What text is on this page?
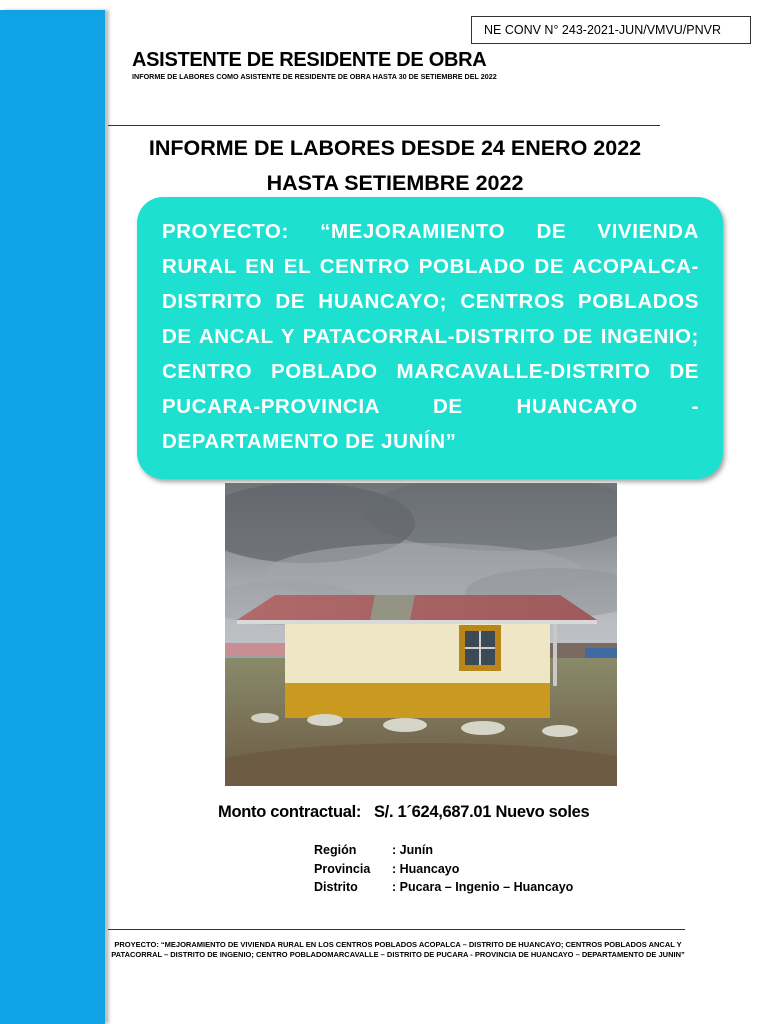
NE CONV N° 243-2021-JUN/VMVU/PNVR
ASISTENTE DE RESIDENTE DE OBRA
INFORME DE LABORES COMO ASISTENTE DE RESIDENTE DE OBRA HASTA 30 DE SETIEMBRE DEL 2022
INFORME DE LABORES DESDE 24 ENERO 2022 HASTA SETIEMBRE 2022
PROYECTO: “MEJORAMIENTO DE VIVIENDA RURAL EN EL CENTRO POBLADO DE ACOPALCA-DISTRITO DE HUANCAYO; CENTROS POBLADOS DE ANCAL Y PATACORRAL-DISTRITO DE INGENIO; CENTRO POBLADO MARCAVALLE-DISTRITO DE PUCARA-PROVINCIA DE HUANCAYO - DEPARTAMENTO DE JUNÍN”
Monto contractual: S/. 1´624,687.01 Nuevo soles
Región	: Junín
Provincia : Huancayo
Distrito	: Pucara – Ingenio – Huancayo
PROYECTO: “MEJORAMIENTO DE VIVIENDA RURAL EN LOS CENTROS POBLADOS ACOPALCA – DISTRITO DE HUANCAYO; CENTROS POBLADOS ANCAL Y PATACORRAL – DISTRITO DE INGENIO; CENTRO POBLADOMARCAVALLE – DISTRITO DE PUCARA - PROVINCIA DE HUANCAYO – DEPARTAMENTO DE JUNIN”
